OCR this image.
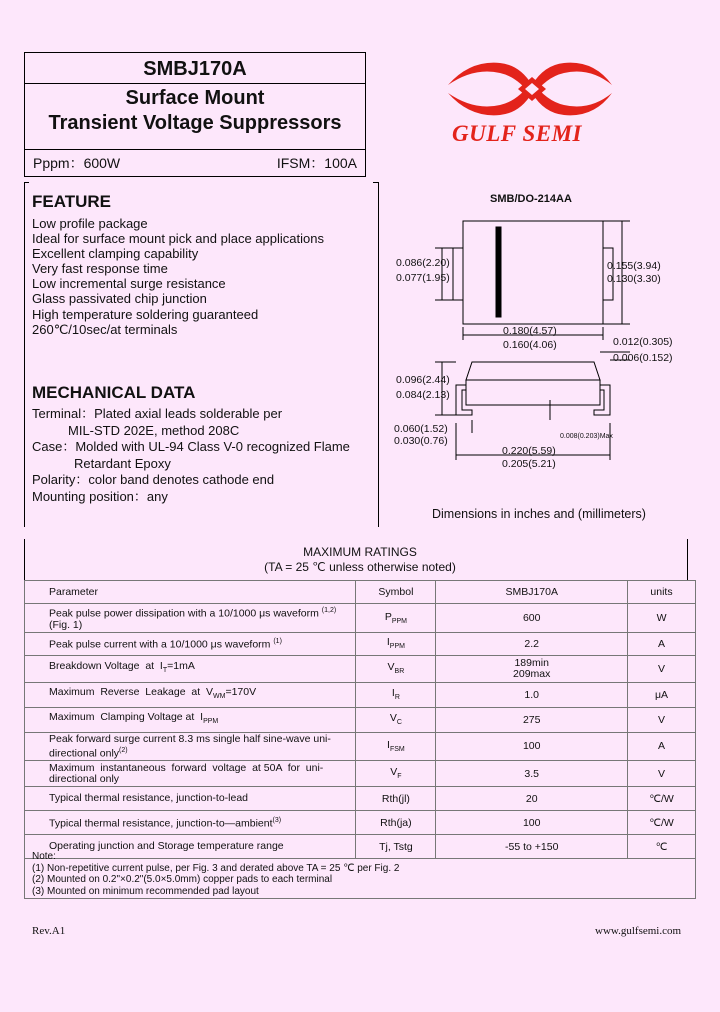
SMBJ170A
Surface Mount
Transient Voltage Suppressors
Pppm：600W	IFSM：100A
GULF SEMI
FEATURE
Low profile package
Ideal for surface mount pick and place applications
Excellent clamping capability
Very fast response time
Low incremental surge resistance
Glass passivated chip junction
High temperature soldering guaranteed
260℃/10sec/at terminals
MECHANICAL DATA
Terminal：Plated axial leads solderable per
MIL-STD 202E, method 208C
Case：Molded with UL-94 Class V-0 recognized Flame
Retardant Epoxy
Polarity：color band denotes cathode end
Mounting position：any
SMB/DO-214AA
0.086(2.20)
0.077(1.95)
0.155(3.94)
0.130(3.30)
0.180(4.57)
0.160(4.06)	0.012(0.305)
0.006(0.152)
0.096(2.44)
0.084(2.13)
0.060(1.52)
0.030(0.76)	0.008(0.203)Max
0.220(5.59)
0.205(5.21)
Dimensions in inches and (millimeters)
MAXIMUM RATINGS
(TA = 25 ℃ unless otherwise noted)
Parameter	Symbol	SMBJ170A	units
Peak pulse power dissipation with a 10/1000 μs waveform $^{(1,2)}$
(Fig. 1)	$P_{PPM}$	600	W
Peak pulse current with a 10/1000 μs waveform $^{(1)}$	$I_{PPM}$	2.2	A
Breakdown Voltage  at  $I_T=1mA$	$V_{BR}$	189min
209max	V
Maximum  Reverse  Leakage  at  $V_{WM}=170V$	$I_R$	1.0	μA
Maximum  Clamping Voltage at  $I_{PPM}$	$V_C$	275	V
Peak forward surge current 8.3 ms single half sine-wave uni-
directional only$^{(2)}$	$I_{FSM}$	100	A
Maximum  instantaneous  forward  voltage  at 50A  for  uni-
directional only	$V_F$	3.5	V
Typical thermal resistance, junction-to-lead	Rth(jl)	20	℃/W
Typical thermal resistance, junction-to—ambient$^{(3)}$	Rth(ja)	100	℃/W
Operating junction and Storage temperature range	Tj, Tstg	-55 to +150	℃
Note:
(1) Non-repetitive current pulse, per Fig. 3 and derated above TA = 25 ℃ per Fig. 2
(2) Mounted on 0.2"×0.2"(5.0×5.0mm) copper pads to each terminal
(3) Mounted on minimum recommended pad layout
Rev.A1	www.gulfsemi.com
